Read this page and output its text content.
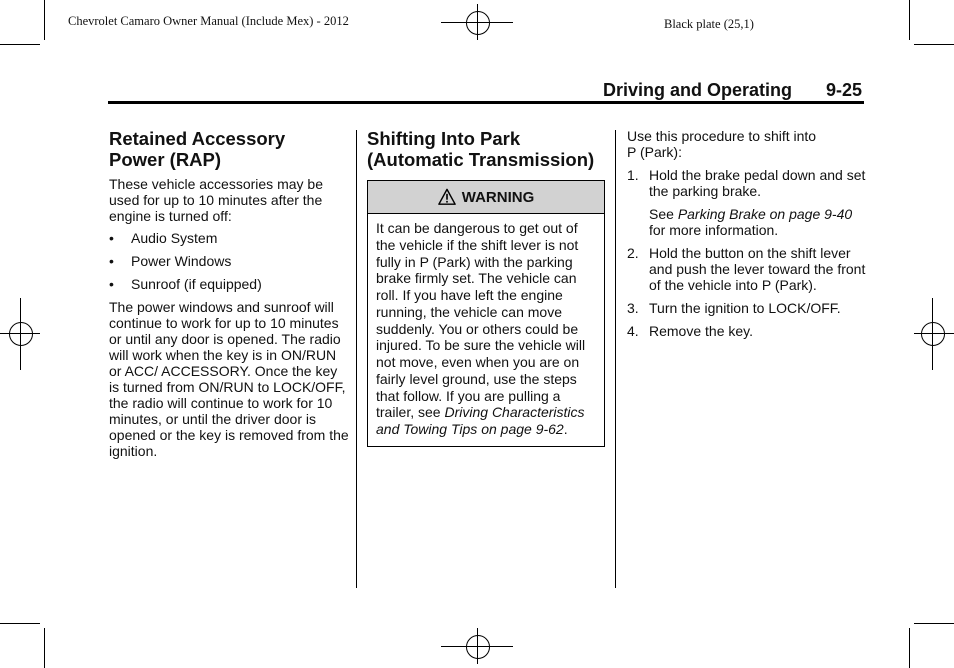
Chevrolet Camaro Owner Manual (Include Mex) - 2012	Black plate (25,1)
Driving and Operating 9-25
Retained Accessory
Power (RAP)

These vehicle accessories may be used for up to 10 minutes after the engine is turned off:

• Audio System
• Power Windows
• Sunroof (if equipped)

The power windows and sunroof will continue to work for up to 10 minutes or until any door is opened. The radio will work when the key is in ON/RUN or ACC/ ACCESSORY. Once the key is turned from ON/RUN to LOCK/OFF, the radio will continue to work for 10 minutes, or until the driver door is opened or the key is removed from the ignition.

Shifting Into Park
(Automatic Transmission)
WARNING
It can be dangerous to get out of the vehicle if the shift lever is not fully in P (Park) with the parking brake firmly set. The vehicle can roll. If you have left the engine running, the vehicle can move suddenly. You or others could be injured. To be sure the vehicle will not move, even when you are on fairly level ground, use the steps that follow. If you are pulling a trailer, see Driving Characteristics and Towing Tips on page 9-62.

Use this procedure to shift into
P (Park):

1. Hold the brake pedal down and set the parking brake.

See Parking Brake on page 9-40 for more information.

2. Hold the button on the shift lever and push the lever toward the front of the vehicle into P (Park).
3. Turn the ignition to LOCK/OFF.
4. Remove the key.
